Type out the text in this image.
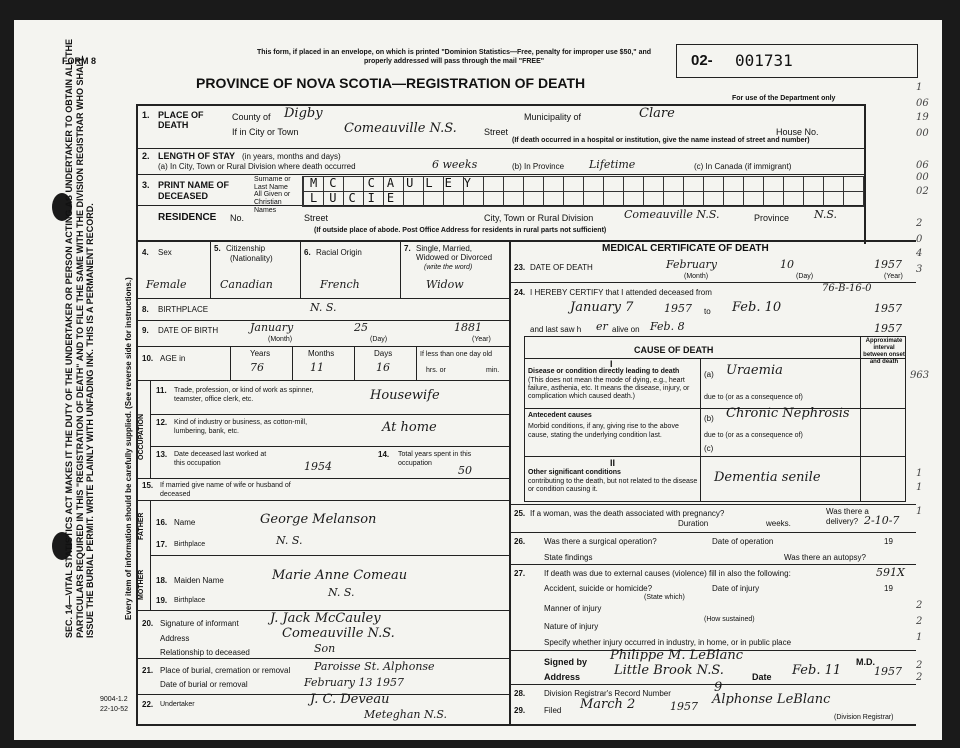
SEC. 14—VITAL STATISTICS ACT MAKES IT THE DUTY OF THE UNDERTAKER OR PERSON ACTING AS UNDERTAKER TO OBTAIN ALL THE PARTICULARS REQUIRED IN THIS "REGISTRATION OF DEATH" AND TO FILE THE SAME WITH THE DIVISION REGISTRAR WHO SHALL ISSUE THE BURIAL PERMIT. WRITE PLAINLY WITH UNFADING INK. THIS IS A PERMANENT RECORD.	Every item of information should be carefully supplied. (See reverse side for instructions.)
9004-1.2
22-10-52
FORM 8
This form, if placed in an envelope, on which is printed "Dominion Statistics—Free, penalty for improper use $50," and properly addressed will pass through the mail "FREE"
PROVINCE OF NOVA SCOTIA—REGISTRATION OF DEATH
02- 001731
For use of the Department only
1
06
19
00
06
00
02
2
0
4
3
963
1
1
1
2
2
1
2
2
1. PLACE OF DEATH
County of Digby	Municipality of	Clare
If in City or Town	Comeauville N.S.	Street	House No.
(If death occurred in a hospital or institution, give the name instead of street and number)
2. LENGTH OF STAY (in years, months and days)
(a) In City, Town or Rural Division where death occurred	6 weeks	(b) In Province Lifetime	(c) In Canada (if immigrant)
3. PRINT NAME OF DECEASED
Surname or Last Name	MC CAULEY
All Given or Christian Names
LUCIE
RESIDENCE No.	Street	City, Town or Rural Division	Comeauville N.S.	Province N.S.
(If outside place of abode. Post Office Address for residents in rural parts not sufficient)
4. Sex
Female
5. Citizenship
(Nationality)
Canadian
6. Racial Origin
French
7. Single, Married, Widowed or Divorced
(write the word)
Widow
8. BIRTHPLACE	N. S.
9. DATE OF BIRTH	January	25	1881
(Month)	(Day)	(Year)
10. AGE in
Years	Months	Days
76	11	16
If less than one day old
hrs. or	min.
OCCUPATION
11. Trade, profession, or kind of work as spinner, teamster, office clerk, etc.	Housewife
12. Kind of industry or business, as cotton-mill, lumbering, bank, etc.	At home
13. Date deceased last worked at this occupation	1954
14. Total years spent in this occupation
50
15. If married give name of wife or husband of deceased
FATHER
MOTHER
16. Name	George Melanson
17. Birthplace	N. S.
18. Maiden Name	Marie Anne Comeau
19. Birthplace
N. S.
20. Signature of informant J. Jack McCauley
Address	Comeauville N.S.
Relationship to deceased	Son
21. Place of burial, cremation or removal Paroisse St. Alphonse
Date of burial or removal	February 13 1957
22. Undertaker	J. C. Deveau
Meteghan N.S.
MEDICAL CERTIFICATE OF DEATH
23. DATE OF DEATH	February	10	1957
(Month)	(Day)	(Year)
24. I HEREBY CERTIFY that I attended deceased from	76-B-16-0
January 7	1957 to Feb. 10	1957
and last saw h er alive on Feb. 8	1957
CAUSE OF DEATH
Approximate interval between onset and death
I
Disease or condition directly leading to death
(This does not mean the mode of dying, e.g., heart failure, asthenia, etc. It means the disease, injury, or complication which caused death.)
(a) Uraemia
due to (or as a consequence of)
Antecedent causes
Morbid conditions, if any, giving rise to the above cause, stating the underlying condition last.
(b) Chronic Nephrosis
due to (or as a consequence of)
(c)
II
Other significant conditions
contributing to the death, but not related to the disease or condition causing it.
Dementia senile
25. If a woman, was the death associated with pregnancy?
Duration	weeks.
Was there a delivery? 2-10-7
26. Was there a surgical operation?	Date of operation	19
State findings	Was there an autopsy?
27. If death was due to external causes (violence) fill in also the following:	591X
Accident, suicide or homicide?
(State which)
Date of injury	19
Manner of injury
(How sustained)
Nature of injury
Specify whether injury occurred in industry, in home, or in public place
Signed by Philippe M. LeBlanc	M.D.
Address	Little Brook N.S.	Date Feb. 11	1957
28. Division Registrar's Record Number	9
29. Filed March 2	1957 Alphonse LeBlanc
(Division Registrar)
